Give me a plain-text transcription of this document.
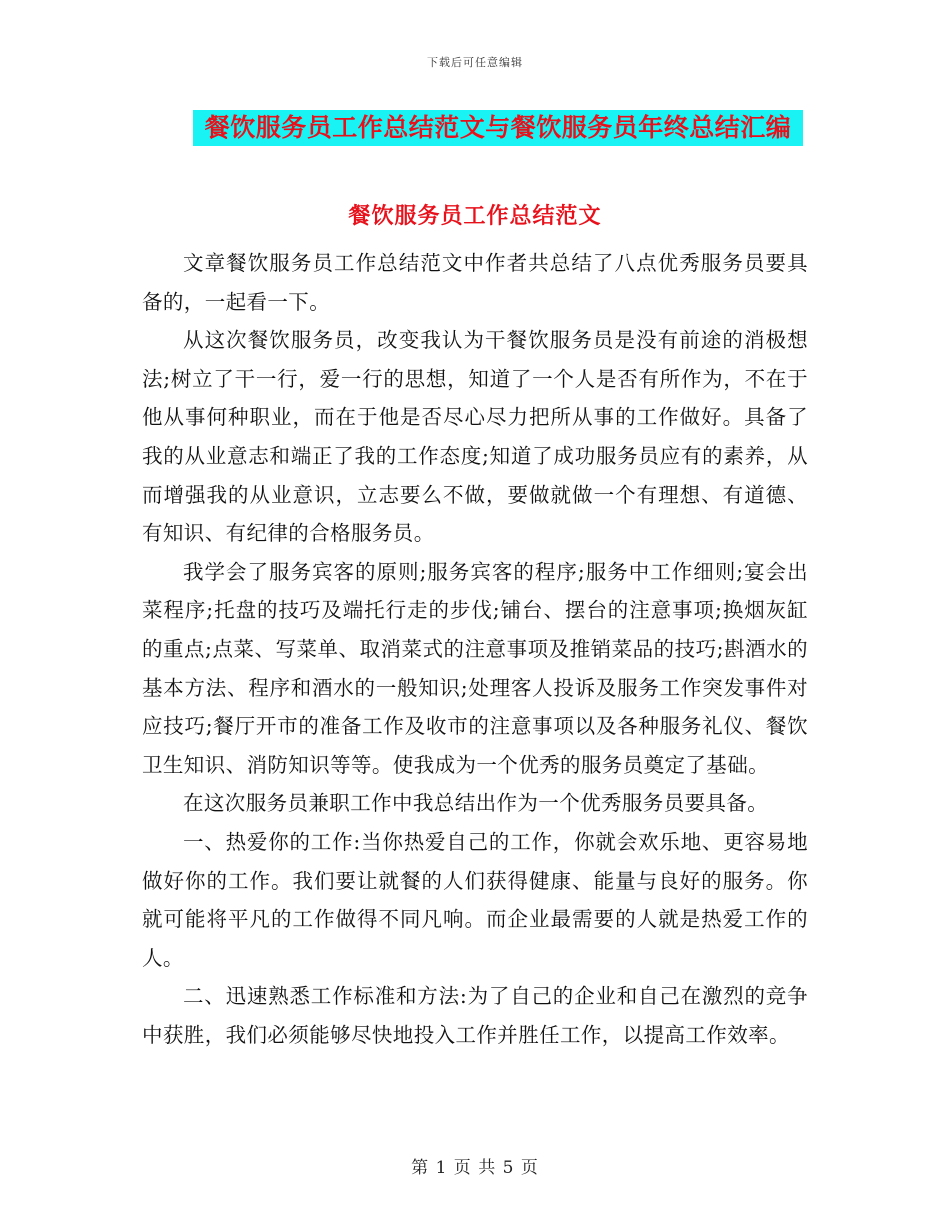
下载后可任意编辑
餐饮服务员工作总结范文与餐饮服务员年终总结汇编
餐饮服务员工作总结范文

文章餐饮服务员工作总结范文中作者共总结了八点优秀服务员要具备的，一起看一下。

从这次餐饮服务员，改变我认为干餐饮服务员是没有前途的消极想法;树立了干一行，爱一行的思想，知道了一个人是否有所作为，不在于他从事何种职业，而在于他是否尽心尽力把所从事的工作做好。具备了我的从业意志和端正了我的工作态度;知道了成功服务员应有的素养，从而增强我的从业意识，立志要么不做，要做就做一个有理想、有道德、有知识、有纪律的合格服务员。

我学会了服务宾客的原则;服务宾客的程序;服务中工作细则;宴会出菜程序;托盘的技巧及端托行走的步伐;铺台、摆台的注意事项;换烟灰缸的重点;点菜、写菜单、取消菜式的注意事项及推销菜品的技巧;斟酒水的基本方法、程序和酒水的一般知识;处理客人投诉及服务工作突发事件对应技巧;餐厅开市的准备工作及收市的注意事项以及各种服务礼仪、餐饮卫生知识、消防知识等等。使我成为一个优秀的服务员奠定了基础。

在这次服务员兼职工作中我总结出作为一个优秀服务员要具备。

一、热爱你的工作:当你热爱自己的工作，你就会欢乐地、更容易地做好你的工作。我们要让就餐的人们获得健康、能量与良好的服务。你就可能将平凡的工作做得不同凡响。而企业最需要的人就是热爱工作的人。

二、迅速熟悉工作标准和方法:为了自己的企业和自己在激烈的竞争中获胜，我们必须能够尽快地投入工作并胜任工作，以提高工作效率。

第 1 页 共 5 页
